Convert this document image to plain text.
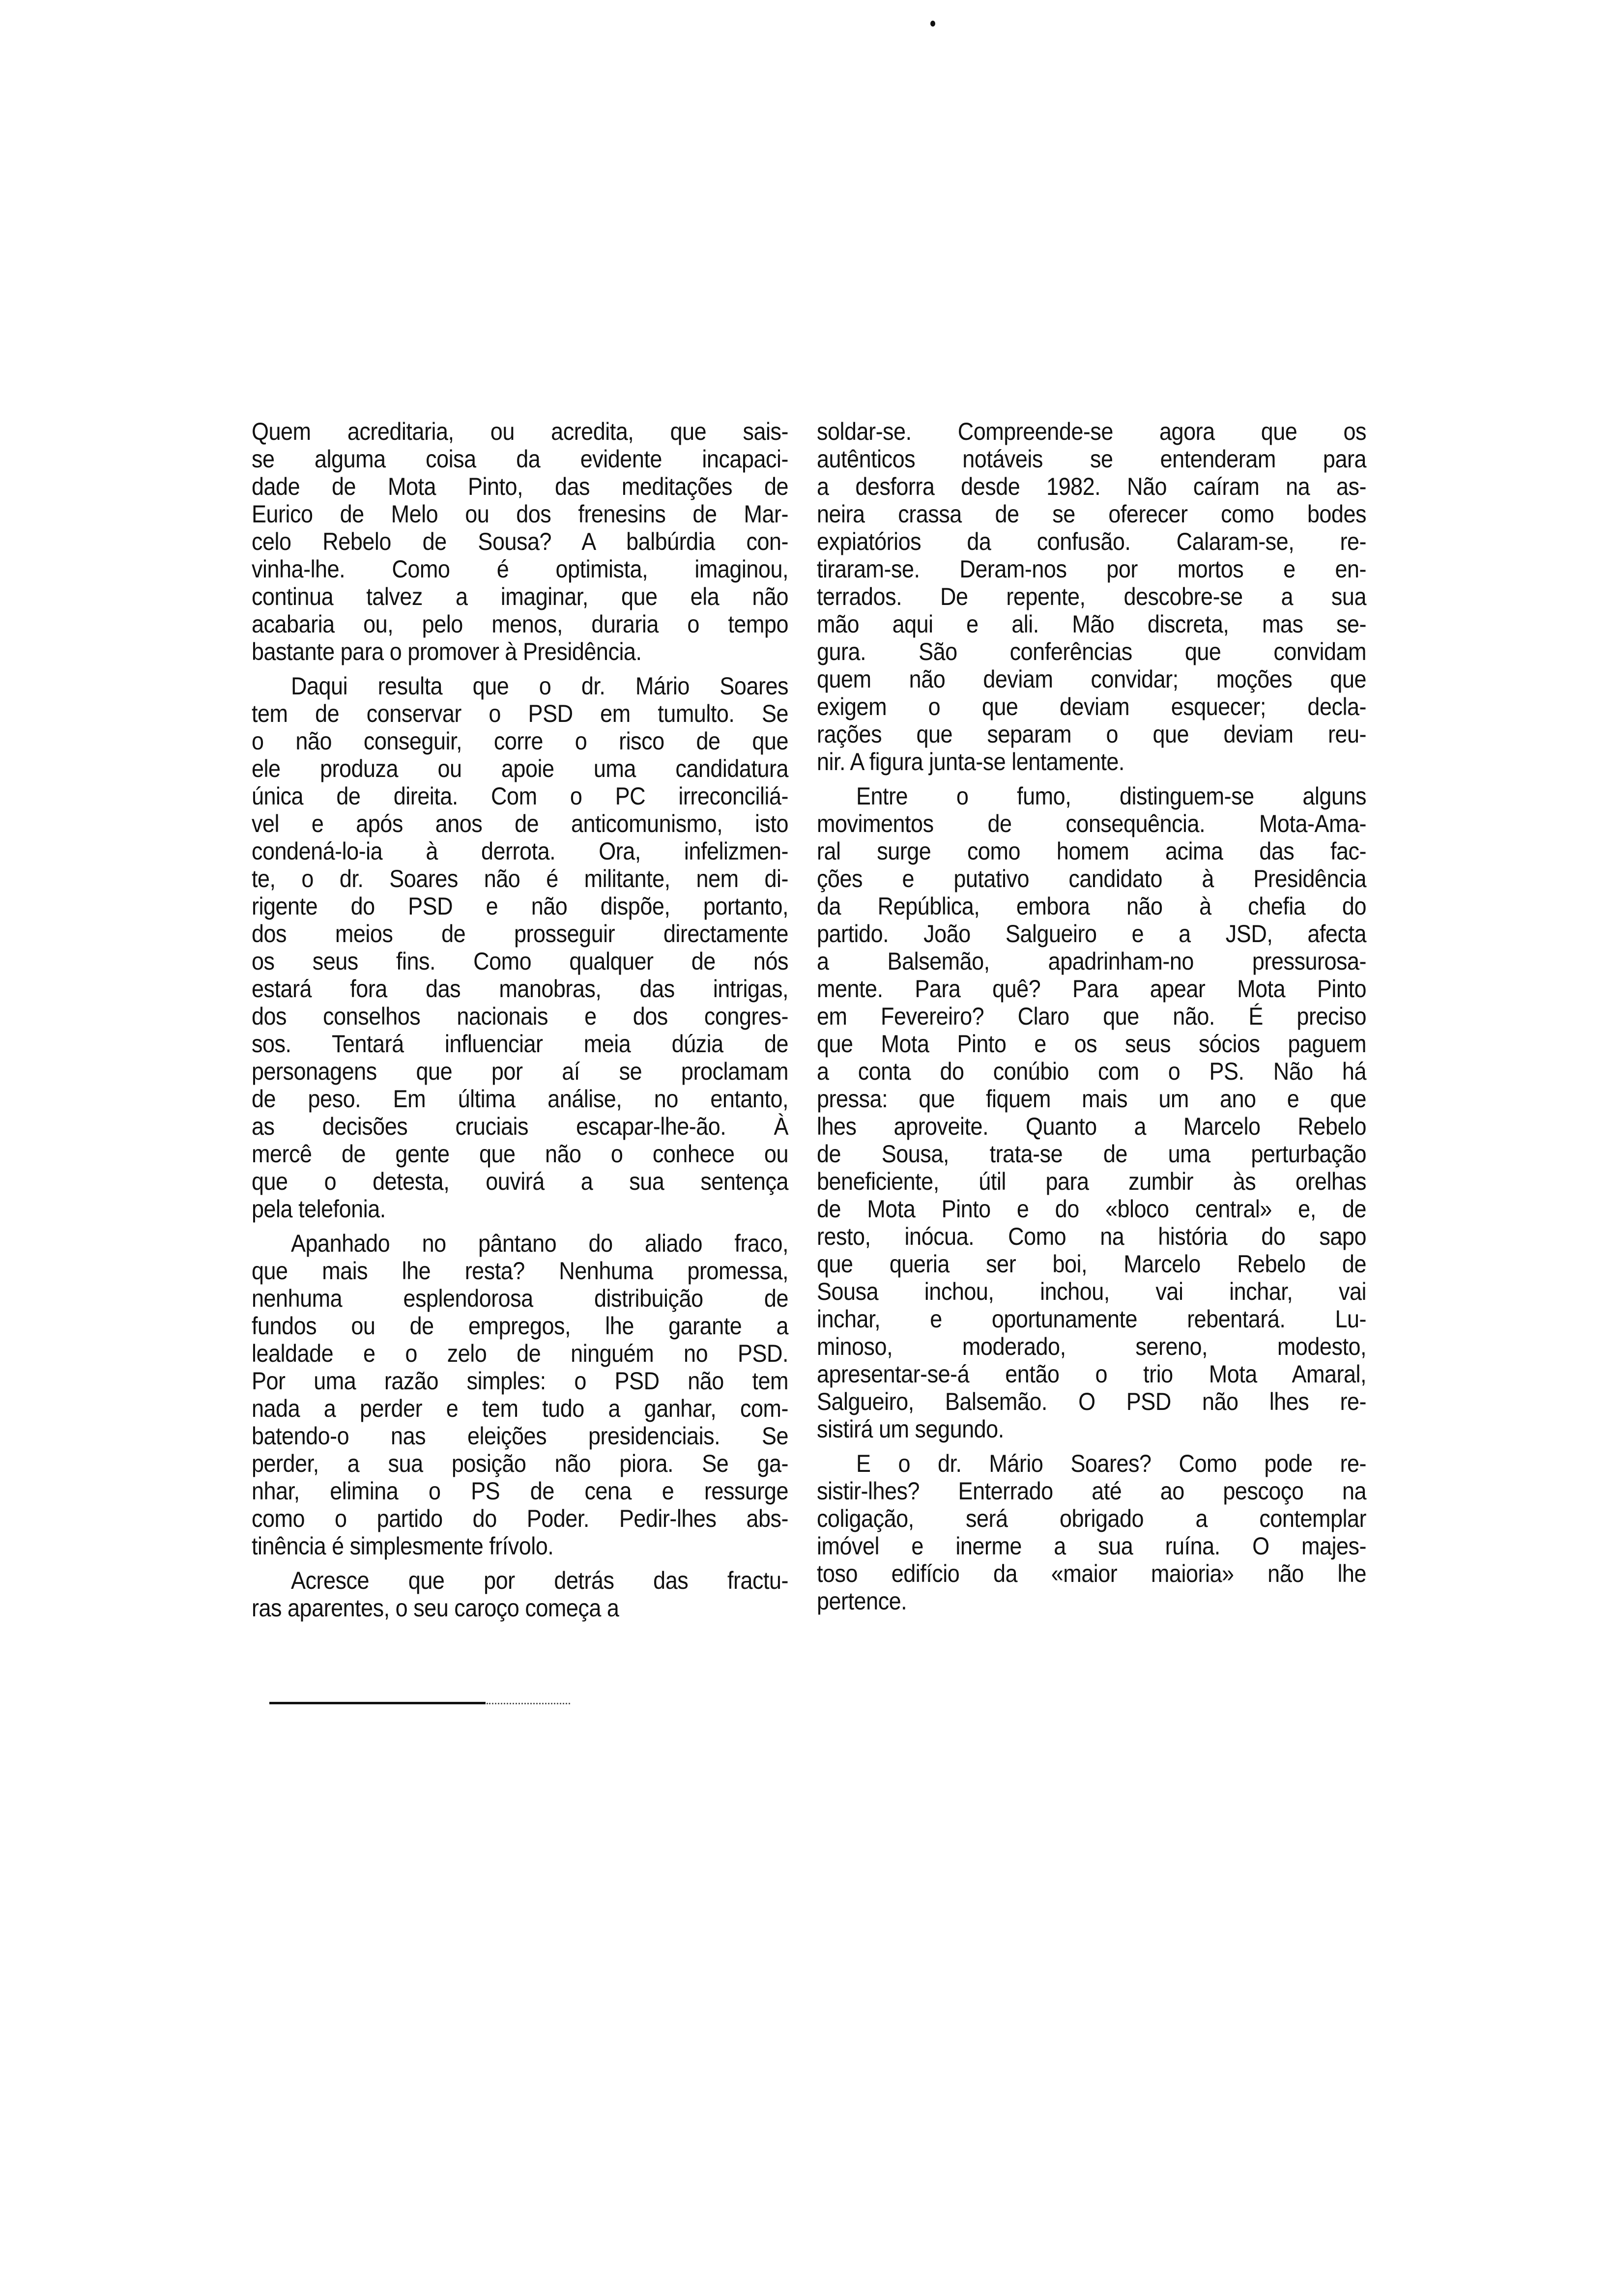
Quem acreditaria, ou acredita, que sais-
se alguma coisa da evidente incapaci-
dade de Mota Pinto, das meditações de
Eurico de Melo ou dos frenesins de Mar-
celo Rebelo de Sousa? A balbúrdia con-
vinha-lhe. Como é optimista, imaginou,
continua talvez a imaginar, que ela não
acabaria ou, pelo menos, duraria o tempo
bastante para o promover à Presidência.
Daqui resulta que o dr. Mário Soares
tem de conservar o PSD em tumulto. Se
o não conseguir, corre o risco de que
ele produza ou apoie uma candidatura
única de direita. Com o PC irreconciliá-
vel e após anos de anticomunismo, isto
condená-lo-ia à derrota. Ora, infelizmen-
te, o dr. Soares não é militante, nem di-
rigente do PSD e não dispõe, portanto,
dos meios de prosseguir directamente
os seus fins. Como qualquer de nós
estará fora das manobras, das intrigas,
dos conselhos nacionais e dos congres-
sos. Tentará influenciar meia dúzia de
personagens que por aí se proclamam
de peso. Em última análise, no entanto,
as decisões cruciais escapar-lhe-ão. À
mercê de gente que não o conhece ou
que o detesta, ouvirá a sua sentença
pela telefonia.
Apanhado no pântano do aliado fraco,
que mais lhe resta? Nenhuma promessa,
nenhuma esplendorosa distribuição de
fundos ou de empregos, lhe garante a
lealdade e o zelo de ninguém no PSD.
Por uma razão simples: o PSD não tem
nada a perder e tem tudo a ganhar, com-
batendo-o nas eleições presidenciais. Se
perder, a sua posição não piora. Se ga-
nhar, elimina o PS de cena e ressurge
como o partido do Poder. Pedir-lhes abs-
tinência é simplesmente frívolo.
Acresce que por detrás das fractu-
ras aparentes, o seu caroço começa a
soldar-se. Compreende-se agora que os
autênticos notáveis se entenderam para
a desforra desde 1982. Não caíram na as-
neira crassa de se oferecer como bodes
expiatórios da confusão. Calaram-se, re-
tiraram-se. Deram-nos por mortos e en-
terrados. De repente, descobre-se a sua
mão aqui e ali. Mão discreta, mas se-
gura. São conferências que convidam
quem não deviam convidar; moções que
exigem o que deviam esquecer; decla-
rações que separam o que deviam reu-
nir. A figura junta-se lentamente.
Entre o fumo, distinguem-se alguns
movimentos de consequência. Mota-Ama-
ral surge como homem acima das fac-
ções e putativo candidato à Presidência
da República, embora não à chefia do
partido. João Salgueiro e a JSD, afecta
a Balsemão, apadrinham-no pressurosa-
mente. Para quê? Para apear Mota Pinto
em Fevereiro? Claro que não. É preciso
que Mota Pinto e os seus sócios paguem
a conta do conúbio com o PS. Não há
pressa: que fiquem mais um ano e que
lhes aproveite. Quanto a Marcelo Rebelo
de Sousa, trata-se de uma perturbação
beneficiente, útil para zumbir às orelhas
de Mota Pinto e do «bloco central» e, de
resto, inócua. Como na história do sapo
que queria ser boi, Marcelo Rebelo de
Sousa inchou, inchou, vai inchar, vai
inchar, e oportunamente rebentará. Lu-
minoso, moderado, sereno, modesto,
apresentar-se-á então o trio Mota Amaral,
Salgueiro, Balsemão. O PSD não lhes re-
sistirá um segundo.
E o dr. Mário Soares? Como pode re-
sistir-lhes? Enterrado até ao pescoço na
coligação, será obrigado a contemplar
imóvel e inerme a sua ruína. O majes-
toso edifício da «maior maioria» não lhe
pertence.
